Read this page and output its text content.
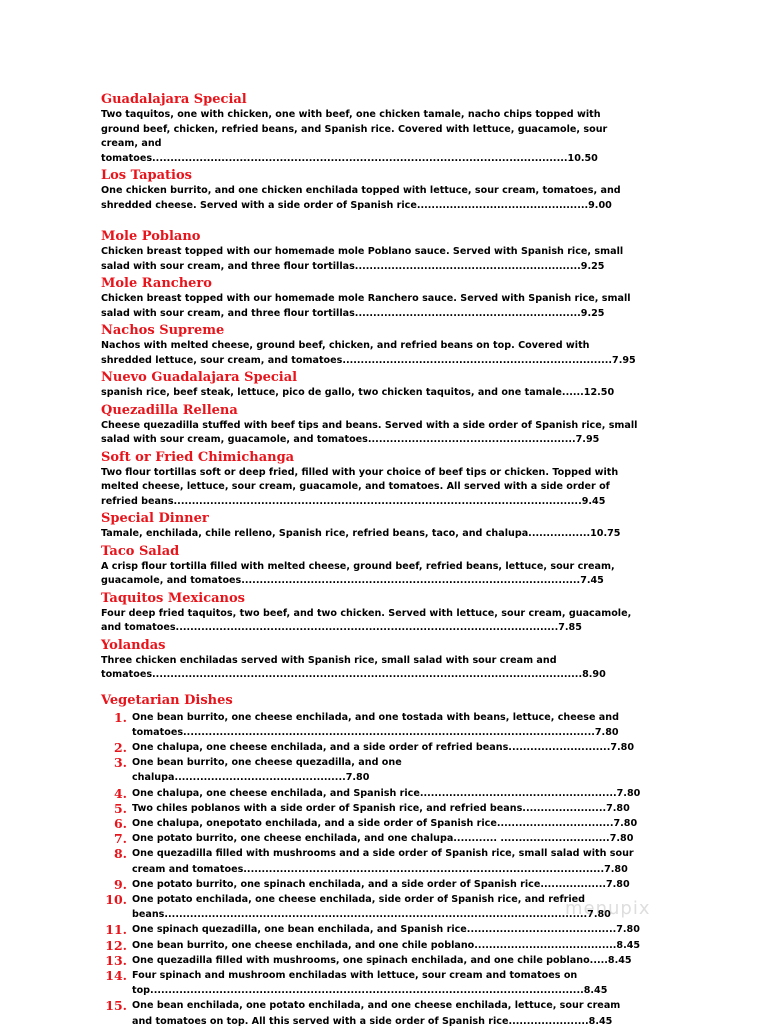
Guadalajara Special
Two taquitos, one with chicken, one with beef, one chicken tamale, nacho chips topped with ground beef, chicken, refried beans, and Spanish rice. Covered with lettuce, guacamole, sour cream, and tomatoes..................................................................................................................10.50
Los Tapatios
One chicken burrito, and one chicken enchilada topped with lettuce, sour cream, tomatoes, and shredded cheese. Served with a side order of Spanish rice...............................................9.00
Mole Poblano
Chicken breast topped with our homemade mole Poblano sauce. Served with Spanish rice, small salad with sour cream, and three flour tortillas..............................................................9.25
Mole Ranchero
Chicken breast topped with our homemade mole Ranchero sauce. Served with Spanish rice, small salad with sour cream, and three flour tortillas..............................................................9.25
Nachos Supreme
Nachos with melted cheese, ground beef, chicken, and refried beans on top. Covered with shredded lettuce, sour cream, and tomatoes..........................................................................7.95
Nuevo Guadalajara Special
spanish rice, beef steak, lettuce, pico de gallo, two chicken taquitos, and one tamale......12.50
Quezadilla Rellena
Cheese quezadilla stuffed with beef tips and beans. Served with a side order of Spanish rice, small salad with sour cream, guacamole, and tomatoes.........................................................7.95
Soft or Fried Chimichanga
Two flour tortillas soft or deep fried, filled with your choice of beef tips or chicken. Topped with melted cheese, lettuce, sour cream, guacamole, and tomatoes. All served with a side order of refried beans................................................................................................................9.45
Special Dinner
Tamale, enchilada, chile relleno, Spanish rice, refried beans, taco, and chalupa.................10.75
Taco Salad
A crisp flour tortilla filled with melted cheese, ground beef, refried beans, lettuce, sour cream, guacamole, and tomatoes.............................................................................................7.45
Taquitos Mexicanos
Four deep fried taquitos, two beef, and two chicken. Served with lettuce, sour cream, guacamole, and tomatoes.........................................................................................................7.85
Yolandas
Three chicken enchiladas served with Spanish rice, small salad with sour cream and tomatoes......................................................................................................................8.90
Vegetarian Dishes
1. One bean burrito, one cheese enchilada, and one tostada with beans, lettuce, cheese and tomatoes.................................................................................................................7.80
2. One chalupa, one cheese enchilada, and a side order of refried beans............................7.80
3. One bean burrito, one cheese quezadilla, and one chalupa...............................................7.80
4. One chalupa, one cheese enchilada, and Spanish rice......................................................7.80
5. Two chiles poblanos with a side order of Spanish rice, and refried beans.......................7.80
6. One chalupa, onepotato enchilada, and a side order of Spanish rice................................7.80
7. One potato burrito, one cheese enchilada, and one chalupa............ ..............................7.80
8. One quezadilla filled with mushrooms and a side order of Spanish rice, small salad with sour cream and tomatoes...................................................................................................7.80
9. One potato burrito, one spinach enchilada, and a side order of Spanish rice..................7.80
10. One potato enchilada, one cheese enchilada, side order of Spanish rice, and refried beans....................................................................................................................7.80
11. One spinach quezadilla, one bean enchilada, and Spanish rice.........................................7.80
12. One bean burrito, one cheese enchilada, and one chile poblano.......................................8.45
13. One quezadilla filled with mushrooms, one spinach enchilada, and one chile poblano.....8.45
14. Four spinach and mushroom enchiladas with lettuce, sour cream and tomatoes on top.......................................................................................................................8.45
15. One bean enchilada, one potato enchilada, and one cheese enchilada, lettuce, sour cream and tomatoes on top. All this served with a side order of Spanish rice......................8.45
menupix
